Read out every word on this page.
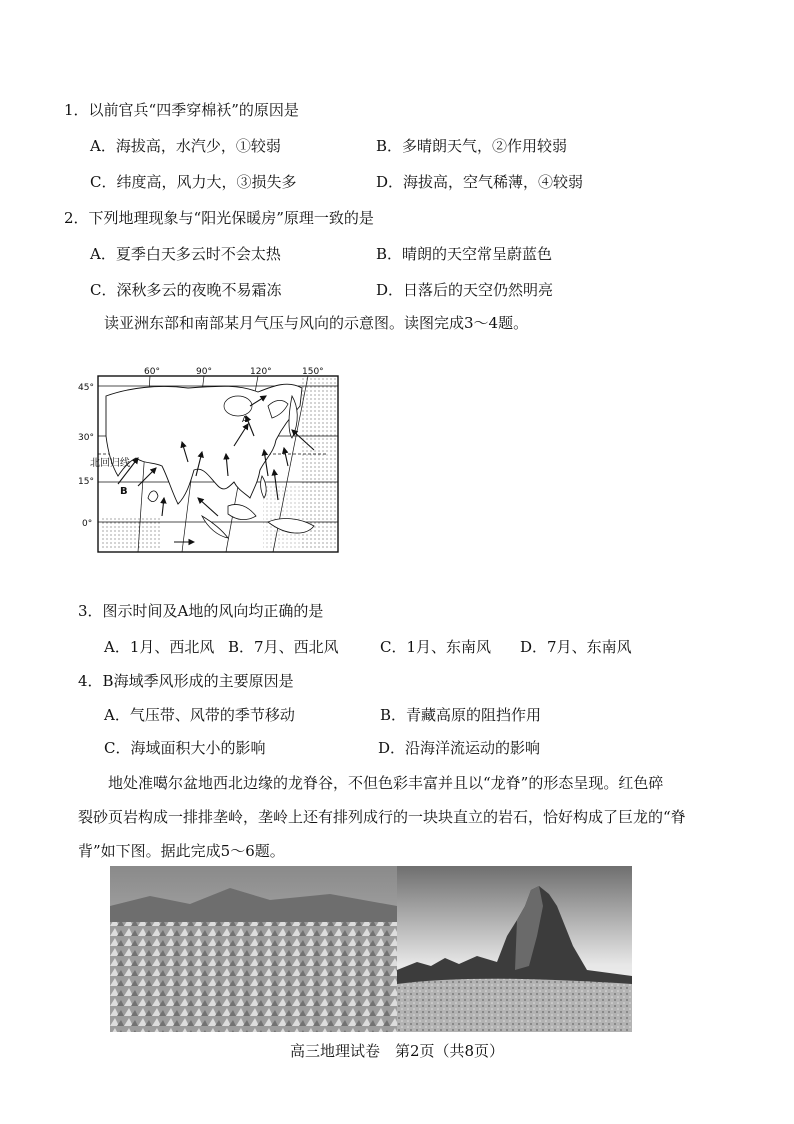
1．以前官兵“四季穿棉袄”的原因是
A．海拔高，水汽少，①较弱	B．多晴朗天气，②作用较弱
C．纬度高，风力大，③损失多	D．海拔高，空气稀薄，④较弱
2．下列地理现象与“阳光保暖房”原理一致的是
A．夏季白天多云时不会太热	B．晴朗的天空常呈蔚蓝色
C．深秋多云的夜晚不易霜冻	D．日落后的天空仍然明亮
读亚洲东部和南部某月气压与风向的示意图。读图完成3～4题。
60°	90°	120°	150°
45°
30°
15°
0°
北回归线
A
B
3．图示时间及A地的风向均正确的是
A．1月、西北风 B．7月、西北风	C．1月、东南风 D．7月、东南风
4．B海域季风形成的主要原因是
A．气压带、风带的季节移动	B．青藏高原的阻挡作用
C．海域面积大小的影响	D．沿海洋流运动的影响
地处准噶尔盆地西北边缘的龙脊谷，不但色彩丰富并且以“龙脊”的形态呈现。红色碎
裂砂页岩构成一排排垄岭，垄岭上还有排列成行的一块块直立的岩石，恰好构成了巨龙的“脊
背”如下图。据此完成5～6题。
高三地理试卷　第2页（共8页）
